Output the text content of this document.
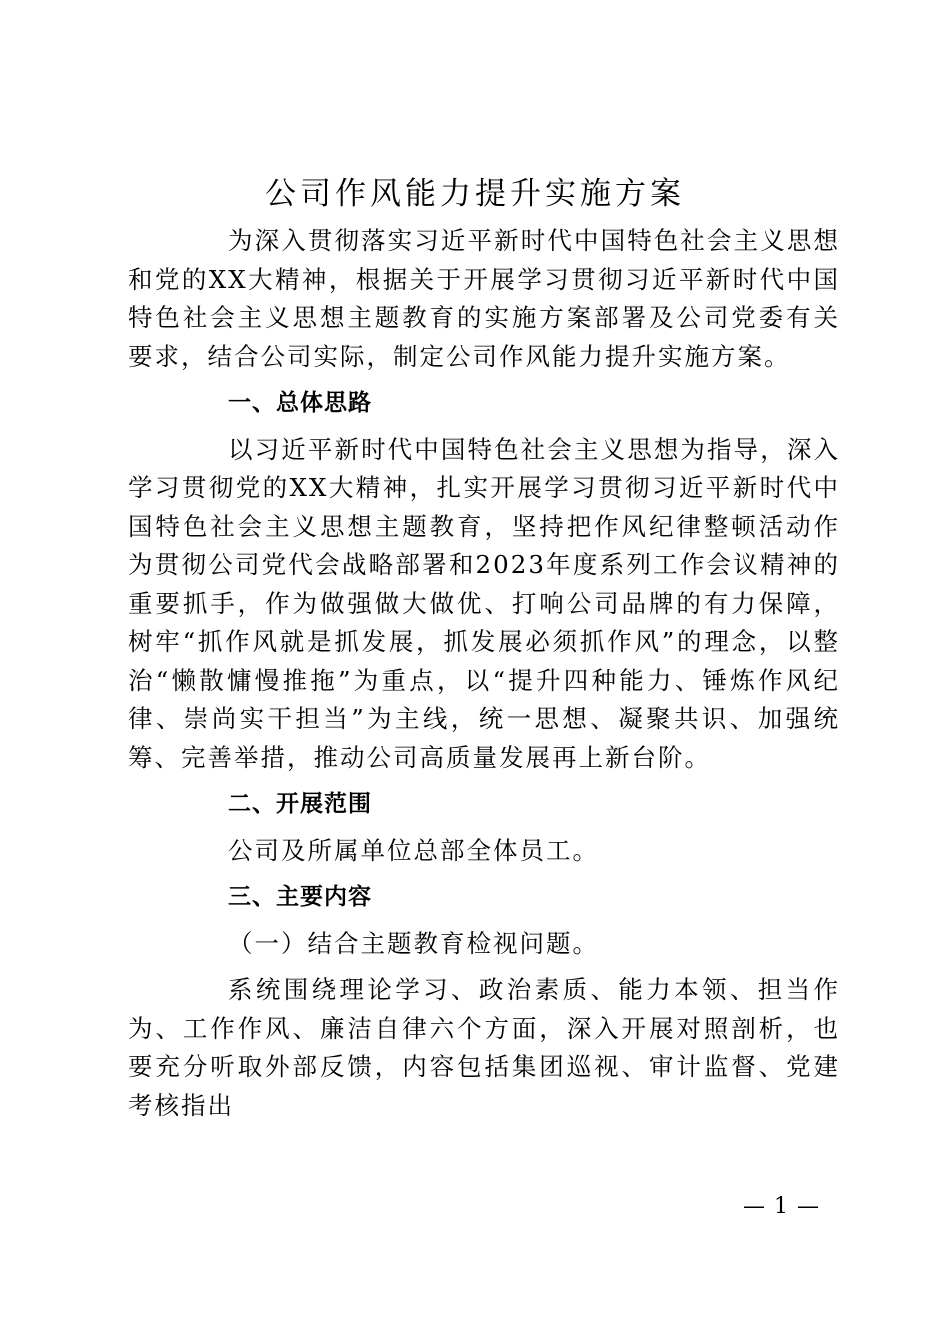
公司作风能力提升实施方案

为深入贯彻落实习近平新时代中国特色社会主义思想和党的XX大精神，根据关于开展学习贯彻习近平新时代中国特色社会主义思想主题教育的实施方案部署及公司党委有关要求，结合公司实际，制定公司作风能力提升实施方案。

一、总体思路

以习近平新时代中国特色社会主义思想为指导，深入学习贯彻党的XX大精神，扎实开展学习贯彻习近平新时代中国特色社会主义思想主题教育，坚持把作风纪律整顿活动作为贯彻公司党代会战略部署和2023年度系列工作会议精神的重要抓手，作为做强做大做优、打响公司品牌的有力保障，树牢“抓作风就是抓发展，抓发展必须抓作风”的理念，以整治“懒散慵慢推拖”为重点，以“提升四种能力、锤炼作风纪律、崇尚实干担当”为主线，统一思想、凝聚共识、加强统筹、完善举措，推动公司高质量发展再上新台阶。

二、开展范围

公司及所属单位总部全体员工。

三、主要内容

（一）结合主题教育检视问题。

系统围绕理论学习、政治素质、能力本领、担当作为、工作作风、廉洁自律六个方面，深入开展对照剖析，也要充分听取外部反馈，内容包括集团巡视、审计监督、党建考核指出

— 1 —
